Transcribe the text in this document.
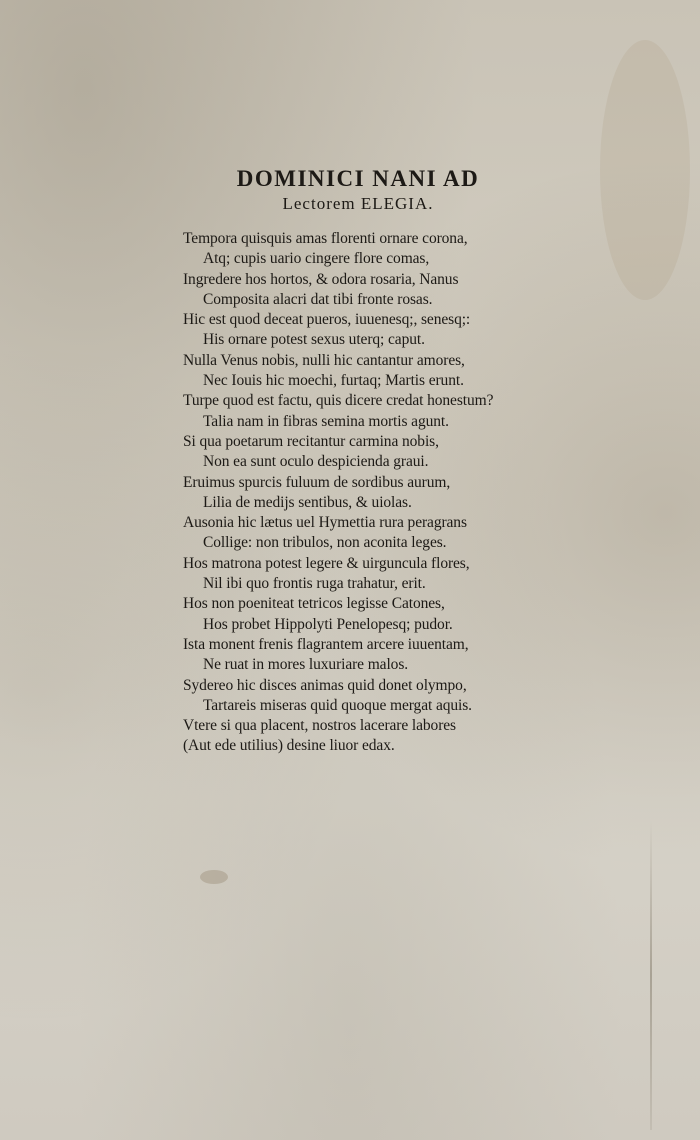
DOMINICI NANI AD
Lectorem ELEGIA.
Tempora quisquis amas florenti ornare corona,
Atq; cupis uario cingere flore comas,
Ingredere hos hortos, & odora rosaria, Nanus
Composita alacri dat tibi fronte rosas.
Hic est quod deceat pueros, iuuenesq;, senesq;:
His ornare potest sexus uterq; caput.
Nulla Venus nobis, nulli hic cantantur amores,
Nec Iouis hic moechi, furtaq; Martis erunt.
Turpe quod est factu, quis dicere credat honestum?
Talia nam in fibras semina mortis agunt.
Si qua poetarum recitantur carmina nobis,
Non ea sunt oculo despicienda graui.
Eruimus spurcis fuluum de sordibus aurum,
Lilia de medijs sentibus, & uiolas.
Ausonia hic lætus uel Hymettia rura peragrans
Collige: non tribulos, non aconita leges.
Hos matrona potest legere & uirguncula flores,
Nil ibi quo frontis ruga trahatur, erit.
Hos non poeniteat tetricos legisse Catones,
Hos probet Hippolyti Penelopesq; pudor.
Ista monent frenis flagrantem arcere iuuentam,
Ne ruat in mores luxuriare malos.
Sydereo hic disces animas quid donet olympo,
Tartareis miseras quid quoque mergat aquis.
Vtere si qua placent, nostros lacerare labores
(Aut ede utilius) desine liuor edax.
